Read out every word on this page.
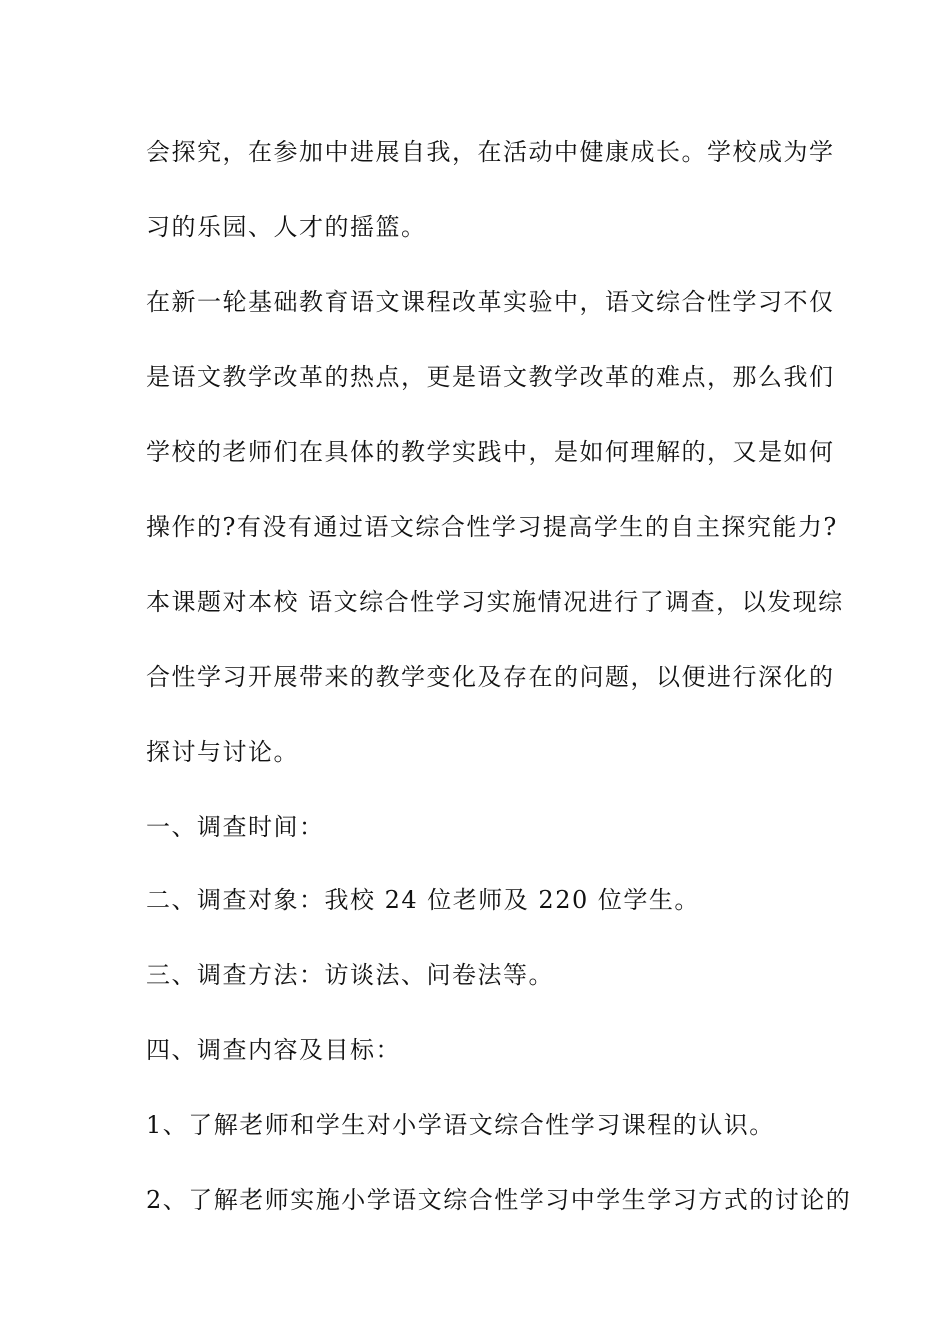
会探究，在参加中进展自我，在活动中健康成长。学校成为学
习的乐园、人才的摇篮。
在新一轮基础教育语文课程改革实验中，语文综合性学习不仅
是语文教学改革的热点，更是语文教学改革的难点，那么我们
学校的老师们在具体的教学实践中，是如何理解的，又是如何
操作的?有没有通过语文综合性学习提高学生的自主探究能力?
本课题对本校 语文综合性学习实施情况进行了调查，以发现综
合性学习开展带来的教学变化及存在的问题，以便进行深化的
探讨与讨论。
一、调查时间：
二、调查对象：我校 24 位老师及 220 位学生。
三、调查方法：访谈法、问卷法等。
四、调查内容及目标：
1、了解老师和学生对小学语文综合性学习课程的认识。
2、了解老师实施小学语文综合性学习中学生学习方式的讨论的
